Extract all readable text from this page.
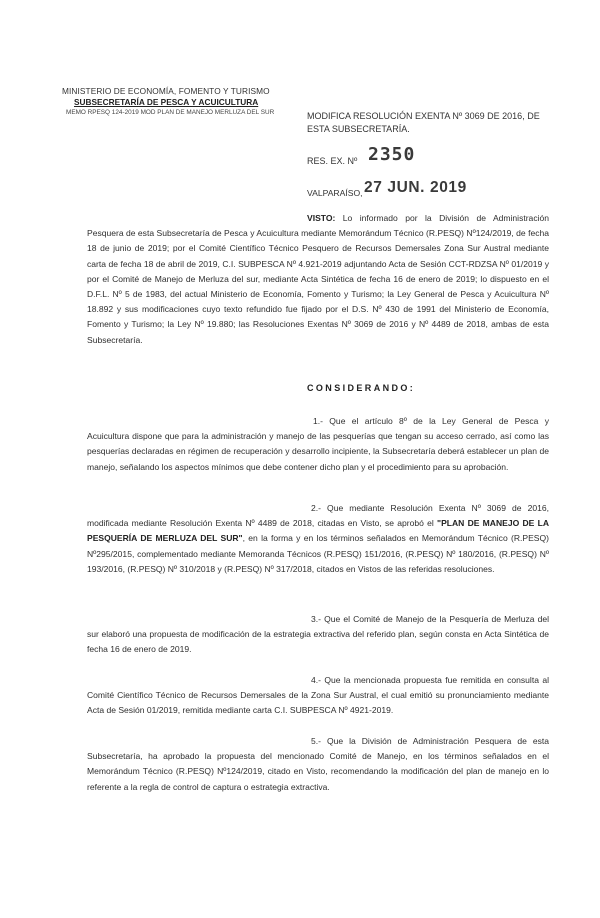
MINISTERIO DE ECONOMÍA, FOMENTO Y TURISMO
SUBSECRETARÍA DE PESCA Y ACUICULTURA
MEMO RPESQ 124-2019 MOD PLAN DE MANEJO MERLUZA DEL SUR	MODIFICA RESOLUCIÓN EXENTA Nº 3069 DE 2016, DE ESTA SUBSECRETARÍA.
RES. EX. Nº 2350
VALPARAÍSO, 27 JUN. 2019
VISTO: Lo informado por la División de Administración Pesquera de esta Subsecretaría de Pesca y Acuicultura mediante Memorándum Técnico (R.PESQ) Nº124/2019, de fecha 18 de junio de 2019; por el Comité Científico Técnico Pesquero de Recursos Demersales Zona Sur Austral mediante carta de fecha 18 de abril de 2019, C.I. SUBPESCA Nº 4.921-2019 adjuntando Acta de Sesión CCT-RDZSA Nº 01/2019 y por el Comité de Manejo de Merluza del sur, mediante Acta Sintética de fecha 16 de enero de 2019; lo dispuesto en el D.F.L. Nº 5 de 1983, del actual Ministerio de Economía, Fomento y Turismo; la Ley General de Pesca y Acuicultura Nº 18.892 y sus modificaciones cuyo texto refundido fue fijado por el D.S. Nº 430 de 1991 del Ministerio de Economía, Fomento y Turismo; la Ley Nº 19.880; las Resoluciones Exentas Nº 3069 de 2016 y Nº 4489 de 2018, ambas de esta Subsecretaría.
CONSIDERANDO:
1.- Que el artículo 8º de la Ley General de Pesca y Acuicultura dispone que para la administración y manejo de las pesquerías que tengan su acceso cerrado, así como las pesquerías declaradas en régimen de recuperación y desarrollo incipiente, la Subsecretaría deberá establecer un plan de manejo, señalando los aspectos mínimos que debe contener dicho plan y el procedimiento para su aprobación.
2.- Que mediante Resolución Exenta Nº 3069 de 2016, modificada mediante Resolución Exenta Nº 4489 de 2018, citadas en Visto, se aprobó el "PLAN DE MANEJO DE LA PESQUERÍA DE MERLUZA DEL SUR", en la forma y en los términos señalados en Memorándum Técnico (R.PESQ) Nº295/2015, complementado mediante Memoranda Técnicos (R.PESQ) 151/2016, (R.PESQ) Nº 180/2016, (R.PESQ) Nº 193/2016, (R.PESQ) Nº 310/2018 y (R.PESQ) Nº 317/2018, citados en Vistos de las referidas resoluciones.
3.- Que el Comité de Manejo de la Pesquería de Merluza del sur elaboró una propuesta de modificación de la estrategia extractiva del referido plan, según consta en Acta Sintética de fecha 16 de enero de 2019.
4.- Que la mencionada propuesta fue remitida en consulta al Comité Científico Técnico de Recursos Demersales de la Zona Sur Austral, el cual emitió su pronunciamiento mediante Acta de Sesión 01/2019, remitida mediante carta C.I. SUBPESCA Nº 4921-2019.
5.- Que la División de Administración Pesquera de esta Subsecretaría, ha aprobado la propuesta del mencionado Comité de Manejo, en los términos señalados en el Memorándum Técnico (R.PESQ) Nº124/2019, citado en Visto, recomendando la modificación del plan de manejo en lo referente a la regla de control de captura o estrategia extractiva.
